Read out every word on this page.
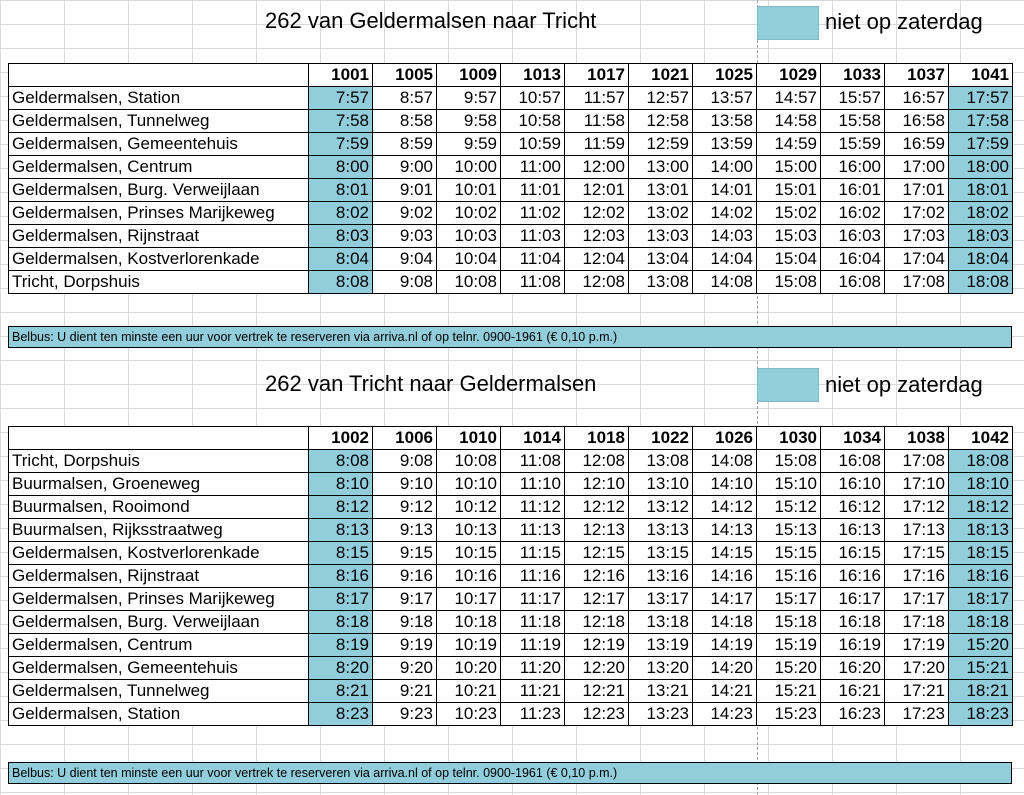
262 van Geldermalsen naar Tricht	niet op zaterdag
	1001	1005	1009	1013	1017	1021	1025	1029	1033	1037	1041
Geldermalsen, Station	7:57	8:57	9:57	10:57	11:57	12:57	13:57	14:57	15:57	16:57	17:57
Geldermalsen, Tunnelweg	7:58	8:58	9:58	10:58	11:58	12:58	13:58	14:58	15:58	16:58	17:58
Geldermalsen, Gemeentehuis	7:59	8:59	9:59	10:59	11:59	12:59	13:59	14:59	15:59	16:59	17:59
Geldermalsen, Centrum	8:00	9:00	10:00	11:00	12:00	13:00	14:00	15:00	16:00	17:00	18:00
Geldermalsen, Burg. Verweijlaan	8:01	9:01	10:01	11:01	12:01	13:01	14:01	15:01	16:01	17:01	18:01
Geldermalsen, Prinses Marijkeweg	8:02	9:02	10:02	11:02	12:02	13:02	14:02	15:02	16:02	17:02	18:02
Geldermalsen, Rijnstraat	8:03	9:03	10:03	11:03	12:03	13:03	14:03	15:03	16:03	17:03	18:03
Geldermalsen, Kostverlorenkade	8:04	9:04	10:04	11:04	12:04	13:04	14:04	15:04	16:04	17:04	18:04
Tricht, Dorpshuis	8:08	9:08	10:08	11:08	12:08	13:08	14:08	15:08	16:08	17:08	18:08
Belbus: U dient ten minste een uur voor vertrek te reserveren via arriva.nl of op telnr. 0900-1961 (€ 0,10 p.m.)
262 van Tricht naar Geldermalsen	niet op zaterdag
	1002	1006	1010	1014	1018	1022	1026	1030	1034	1038	1042
Tricht, Dorpshuis	8:08	9:08	10:08	11:08	12:08	13:08	14:08	15:08	16:08	17:08	18:08
Buurmalsen, Groeneweg	8:10	9:10	10:10	11:10	12:10	13:10	14:10	15:10	16:10	17:10	18:10
Buurmalsen, Rooimond	8:12	9:12	10:12	11:12	12:12	13:12	14:12	15:12	16:12	17:12	18:12
Buurmalsen, Rijksstraatweg	8:13	9:13	10:13	11:13	12:13	13:13	14:13	15:13	16:13	17:13	18:13
Geldermalsen, Kostverlorenkade	8:15	9:15	10:15	11:15	12:15	13:15	14:15	15:15	16:15	17:15	18:15
Geldermalsen, Rijnstraat	8:16	9:16	10:16	11:16	12:16	13:16	14:16	15:16	16:16	17:16	18:16
Geldermalsen, Prinses Marijkeweg	8:17	9:17	10:17	11:17	12:17	13:17	14:17	15:17	16:17	17:17	18:17
Geldermalsen, Burg. Verweijlaan	8:18	9:18	10:18	11:18	12:18	13:18	14:18	15:18	16:18	17:18	18:18
Geldermalsen, Centrum	8:19	9:19	10:19	11:19	12:19	13:19	14:19	15:19	16:19	17:19	15:20
Geldermalsen, Gemeentehuis	8:20	9:20	10:20	11:20	12:20	13:20	14:20	15:20	16:20	17:20	15:21
Geldermalsen, Tunnelweg	8:21	9:21	10:21	11:21	12:21	13:21	14:21	15:21	16:21	17:21	18:21
Geldermalsen, Station	8:23	9:23	10:23	11:23	12:23	13:23	14:23	15:23	16:23	17:23	18:23
Belbus: U dient ten minste een uur voor vertrek te reserveren via arriva.nl of op telnr. 0900-1961 (€ 0,10 p.m.)
